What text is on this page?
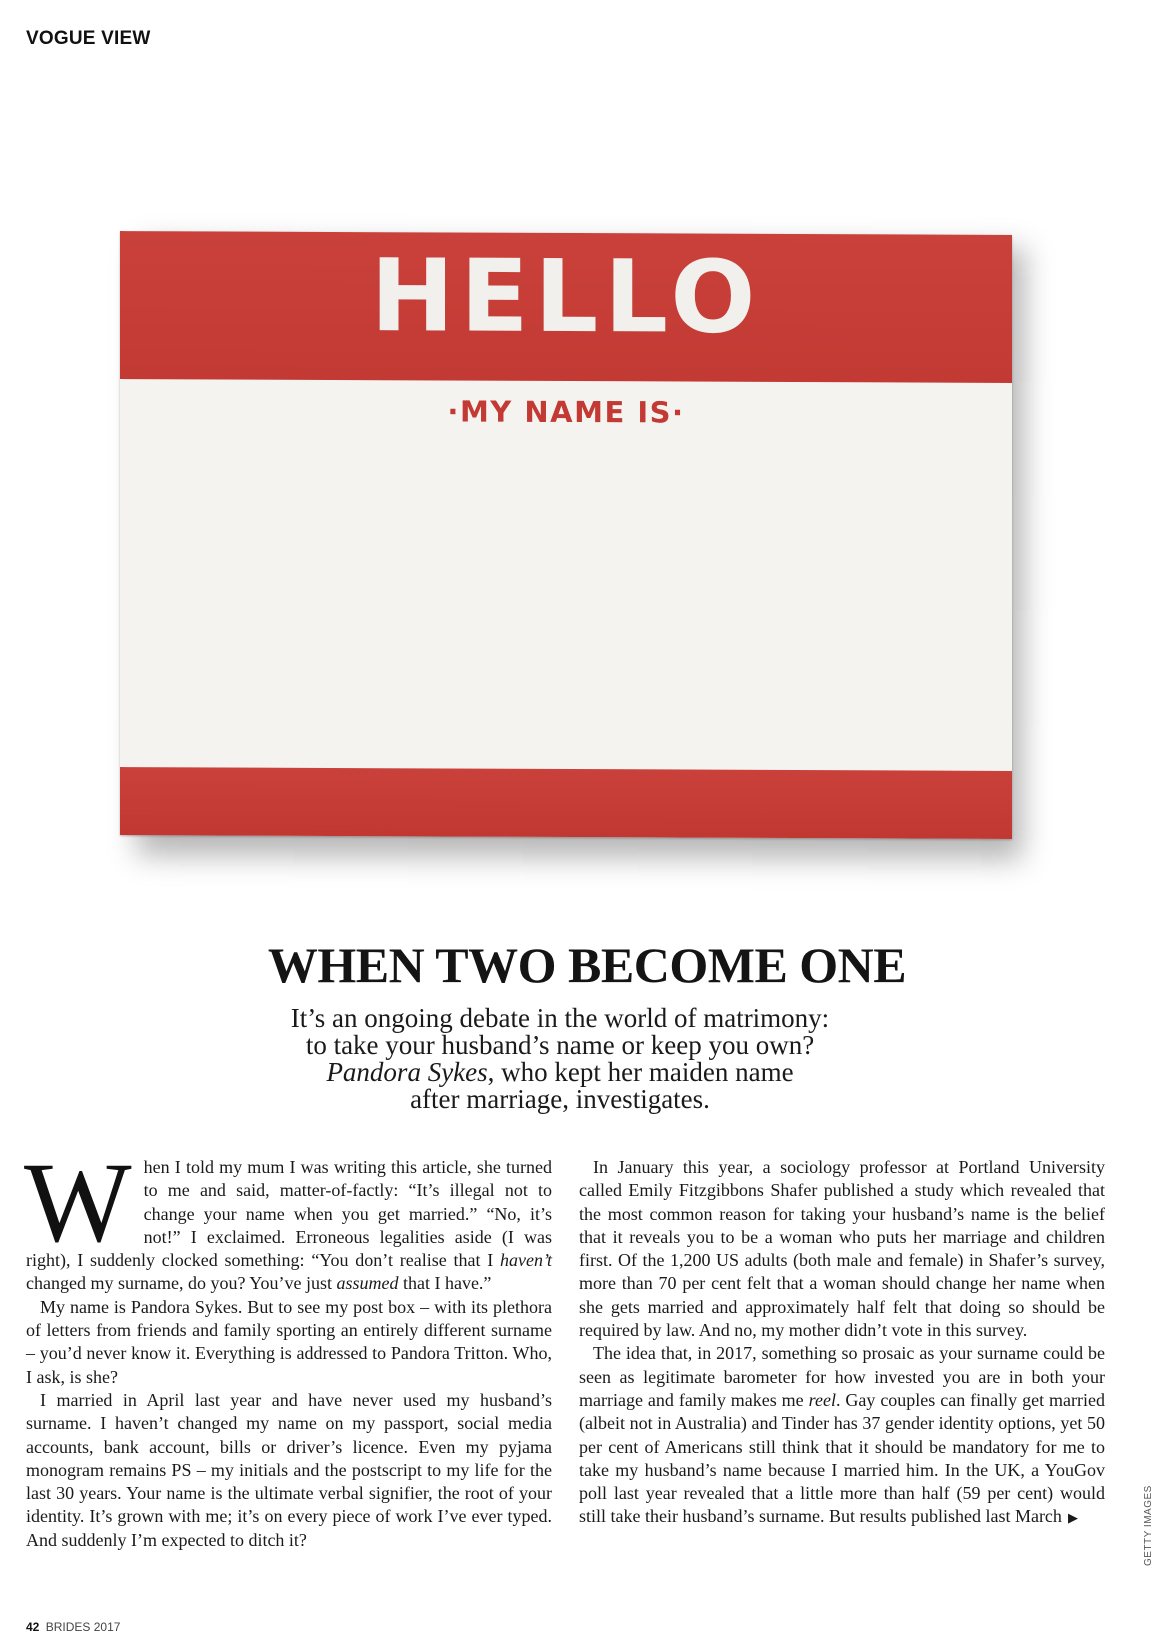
VOGUE VIEW
HELLO
·MY NAME IS·
WHEN TWO BECOME ONE
It’s an ongoing debate in the world of matrimony:
to take your husband’s name or keep you own?
Pandora Sykes, who kept her maiden name
after marriage, investigates.

When I told my mum I was writing this article, she turned to me and said, matter-of-factly: “It’s illegal not to change your name when you get married.” “No, it’s not!” I exclaimed. Erroneous legalities aside (I was right), I suddenly clocked something: “You don’t realise that I haven’t changed my surname, do you? You’ve just assumed that I have.”

My name is Pandora Sykes. But to see my post box – with its plethora of letters from friends and family sporting an entirely different surname – you’d never know it. Everything is addressed to Pandora Tritton. Who, I ask, is she?

I married in April last year and have never used my husband’s surname. I haven’t changed my name on my passport, social media accounts, bank account, bills or driver’s licence. Even my pyjama monogram remains PS – my initials and the postscript to my life for the last 30 years. Your name is the ultimate verbal signifier, the root of your identity. It’s grown with me; it’s on every piece of work I’ve ever typed. And suddenly I’m expected to ditch it?

In January this year, a sociology professor at Portland University called Emily Fitzgibbons Shafer published a study which revealed that the most common reason for taking your husband’s name is the belief that it reveals you to be a woman who puts her marriage and children first. Of the 1,200 US adults (both male and female) in Shafer’s survey, more than 70 per cent felt that a woman should change her name when she gets married and approximately half felt that doing so should be required by law. And no, my mother didn’t vote in this survey.

The idea that, in 2017, something so prosaic as your surname could be seen as legitimate barometer for how invested you are in both your marriage and family makes me reel. Gay couples can finally get married (albeit not in Australia) and Tinder has 37 gender identity options, yet 50 per cent of Americans still think that it should be mandatory for me to take my husband’s name because I married him. In the UK, a YouGov poll last year revealed that a little more than half (59 per cent) would still take their husband’s surname. But results published last March ▶	GETTY IMAGES
42 BRIDES 2017
